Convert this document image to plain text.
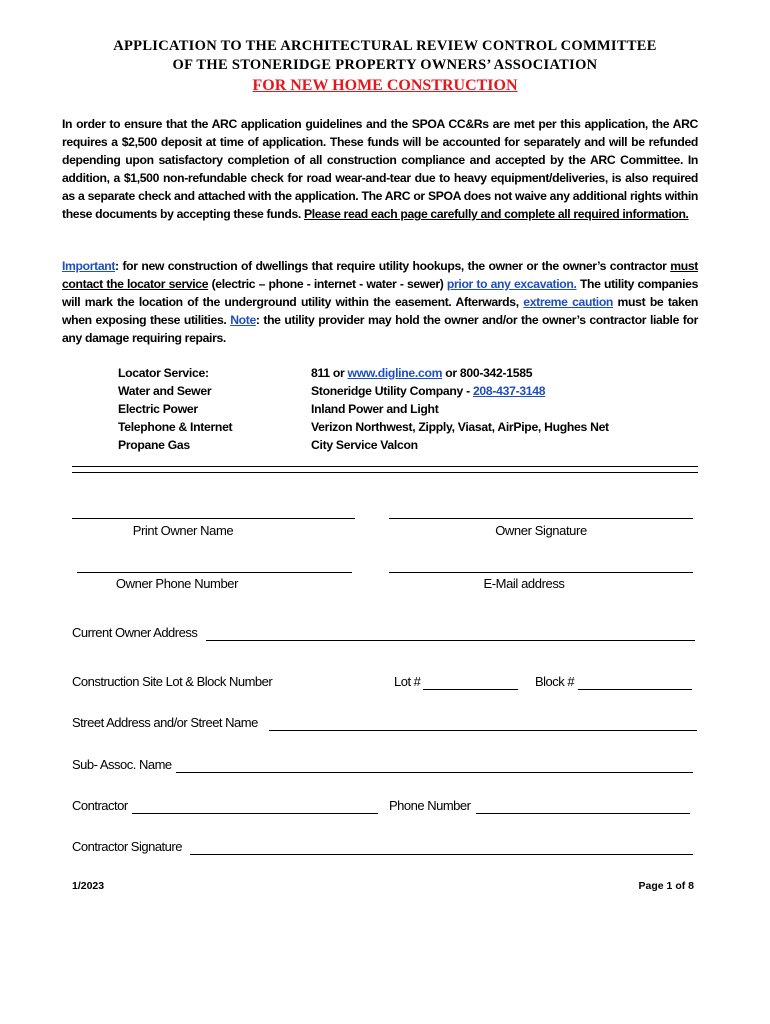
APPLICATION TO THE ARCHITECTURAL REVIEW CONTROL COMMITTEE
OF THE STONERIDGE PROPERTY OWNERS’ ASSOCIATION
FOR NEW HOME CONSTRUCTION
In order to ensure that the ARC application guidelines and the SPOA CC&Rs are met per this application, the ARC requires a $2,500 deposit at time of application. These funds will be accounted for separately and will be refunded depending upon satisfactory completion of all construction compliance and accepted by the ARC Committee. In addition, a $1,500 non-refundable check for road wear-and-tear due to heavy equipment/deliveries, is also required as a separate check and attached with the application. The ARC or SPOA does not waive any additional rights within these documents by accepting these funds. Please read each page carefully and complete all required information.
Important: for new construction of dwellings that require utility hookups, the owner or the owner’s contractor must contact the locator service (electric – phone - internet - water - sewer) prior to any excavation. The utility companies will mark the location of the underground utility within the easement. Afterwards, extreme caution must be taken when exposing these utilities. Note: the utility provider may hold the owner and/or the owner’s contractor liable for any damage requiring repairs.
Locator Service:	811 or www.digline.com or 800-342-1585
Water and Sewer	Stoneridge Utility Company - 208-437-3148
Electric Power	Inland Power and Light
Telephone & Internet	Verizon Northwest, Zipply, Viasat, AirPipe, Hughes Net
Propane Gas	City Service Valcon
Print Owner Name	Owner Signature
Owner Phone Number	E-Mail address
Current Owner Address
Construction Site Lot & Block Number	Lot #	Block #
Street Address and/or Street Name
Sub- Assoc. Name
Contractor	Phone Number
Contractor Signature
1/2023	Page 1 of 8
